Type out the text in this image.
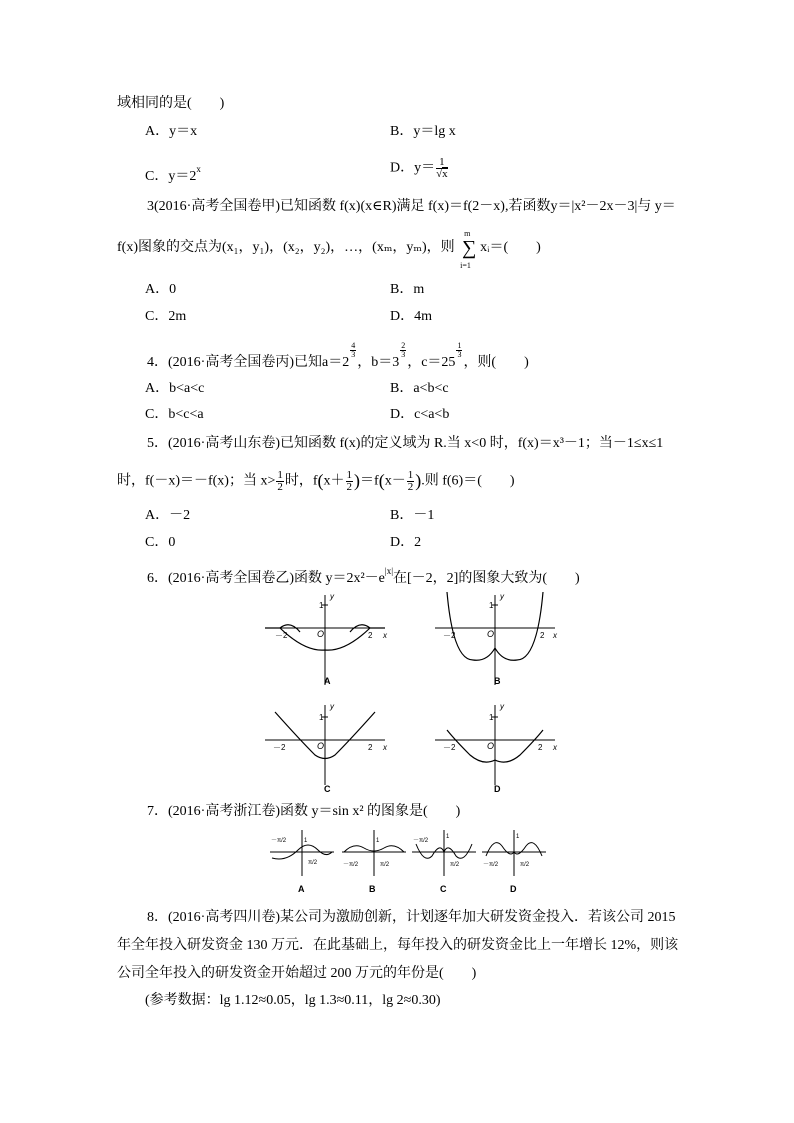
域相同的是(　　)
A．y＝x	B．y＝lg x
C．$y=2^x$	D．$y= \frac{1}{√x}$
3(2016·高考全国卷甲)已知函数 f(x)(x∈R)满足 f(x)＝f(2－x),若函数y＝|x²－2x－3|与 y＝
f(x)图象的交点为(x₁，y₁)，(x₂，y₂)，…，(xₘ，yₘ)，则
m
∑
i=1
xᵢ＝(　　)
A．0	B．m
C．2m	D．4m
4．(2016·高考全国卷丙)已知a＝2
$\frac{4}{3}$
，b＝3
$\frac{2}{3}$
，c＝25
$\frac{1}{3}$
，则(　　)
A．b<a<c	B．a<b<c
C．b<c<a	D．c<a<b
5．(2016·高考山东卷)已知函数 f(x)的定义域为 R.当 x<0 时，f(x)＝x³－1；当－1≤x≤1
时，f(－x)＝－f(x)；当 $x> \frac{1}{2}$ 时，$f(x+ \frac{1}{2} )=f(x- \frac{1}{2}$ ).则 f(6)＝(　　)
A．－2	B．－1
C．0	D．2
6．(2016·高考全国卷乙)函数 $y=2x^2-e^{|x|}$在[－2，2]的图象大致为(　　)
－2	2
O
1
x
y
A
－2	2
O
1
x
y
B
－2	2
O
1
x
y
C
－2	2
O
1
x
y
D
7．(2016·高考浙江卷)函数 y＝sin x² 的图象是(　　)
－π/2
π/2
1
A
－π/2	π/2
1
B
－π/2
π/2
1
C
－π/2	π/2
1
D
8．(2016·高考四川卷)某公司为激励创新，计划逐年加大研发资金投入．若该公司 2015
年全年投入研发资金 130 万元．在此基础上，每年投入的研发资金比上一年增长 12%，则该
公司全年投入的研发资金开始超过 200 万元的年份是(　　)
(参考数据：lg 1.12≈0.05，lg 1.3≈0.11，lg 2≈0.30)
